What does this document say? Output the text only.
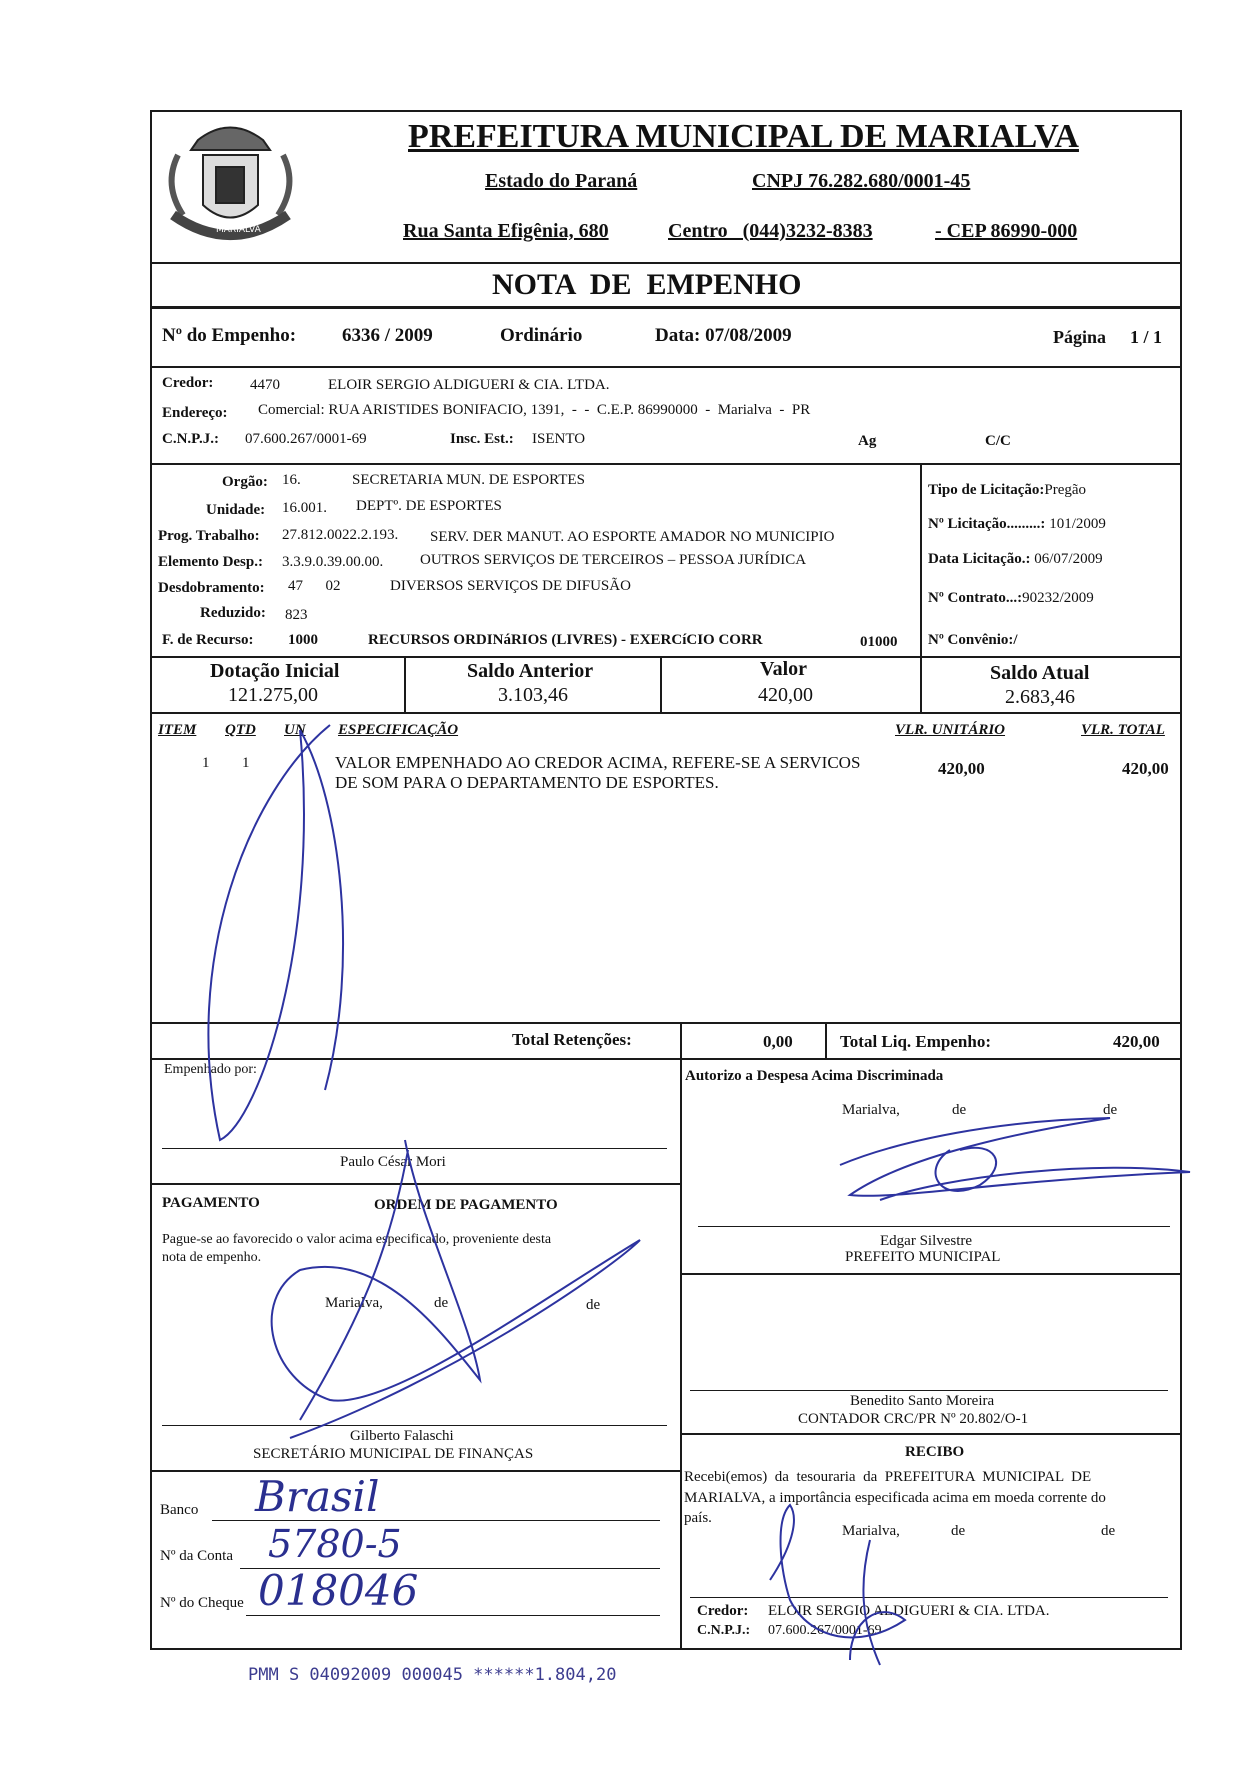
MARIALVA
PREFEITURA MUNICIPAL DE MARIALVA
Estado do Paraná	CNPJ 76.282.680/0001-45
Rua Santa Efigênia, 680	Centro   (044)3232-8383	- CEP 86990-000
NOTA  DE  EMPENHO
Nº do Empenho: 6336 / 2009	Ordinário	Data: 07/08/2009	Página 1 / 1
Credor: 4470	ELOIR SERGIO ALDIGUERI & CIA. LTDA.
Endereço: Comercial: RUA ARISTIDES BONIFACIO, 1391,  -  -  C.E.P. 86990000  -  Marialva  -  PR
C.N.P.J.: 07.600.267/0001-69	Insc. Est.: ISENTO	Ag	C/C
Orgão: 16.	SECRETARIA MUN. DE ESPORTES
Unidade: 16.001. DEPTº. DE ESPORTES
Prog. Trabalho: 27.812.0022.2.193. SERV. DER MANUT. AO ESPORTE AMADOR NO MUNICIPIO
Elemento Desp.: 3.3.9.0.39.00.00. OUTROS SERVIÇOS DE TERCEIROS – PESSOA JURÍDICA
Desdobramento: 47      02	DIVERSOS SERVIÇOS DE DIFUSÃO
Reduzido: 823
F. de Recurso: 1000	RECURSOS ORDINáRIOS (LIVRES) - EXERCíCIO CORR	01000
Tipo de Licitação:Pregão
Nº Licitação.........: 101/2009
Data Licitação.: 06/07/2009
Nº Contrato...:90232/2009
Nº Convênio:/
Dotação Inicial
121.275,00
Saldo Anterior
3.103,46
Valor
420,00
Saldo Atual
2.683,46
ITEM QTD UN ESPECIFICAÇÃO	VLR. UNITÁRIO	VLR. TOTAL
1 1	VALOR EMPENHADO AO CREDOR ACIMA, REFERE-SE A SERVICOS
DE SOM PARA O DEPARTAMENTO DE ESPORTES.
420,00	420,00
Total Retenções:	0,00	Total Liq. Empenho:	420,00
Empenhado por:
Paulo César Mori
Autorizo a Despesa Acima Discriminada
Marialva,	de	de
Edgar Silvestre
PREFEITO MUNICIPAL
PAGAMENTO	ORDEM DE PAGAMENTO
Pague-se ao favorecido o valor acima especificado, proveniente desta
nota de empenho.
Marialva,	de	de
Gilberto Falaschi
SECRETÁRIO MUNICIPAL DE FINANÇAS
Benedito Santo Moreira
CONTADOR CRC/PR Nº 20.802/O-1
RECIBO
Recebi(emos)  da  tesouraria  da  PREFEITURA  MUNICIPAL  DE
MARIALVA, a importância especificada acima em moeda corrente do
país.
Marialva,	de	de
Credor: ELOIR SERGIO ALDIGUERI & CIA. LTDA.
C.N.P.J.: 07.600.267/0001-69
Banco Brasil
Nº da Conta 5780-5
Nº do Cheque 018046
PMM S 04092009 000045 ******1.804,20
